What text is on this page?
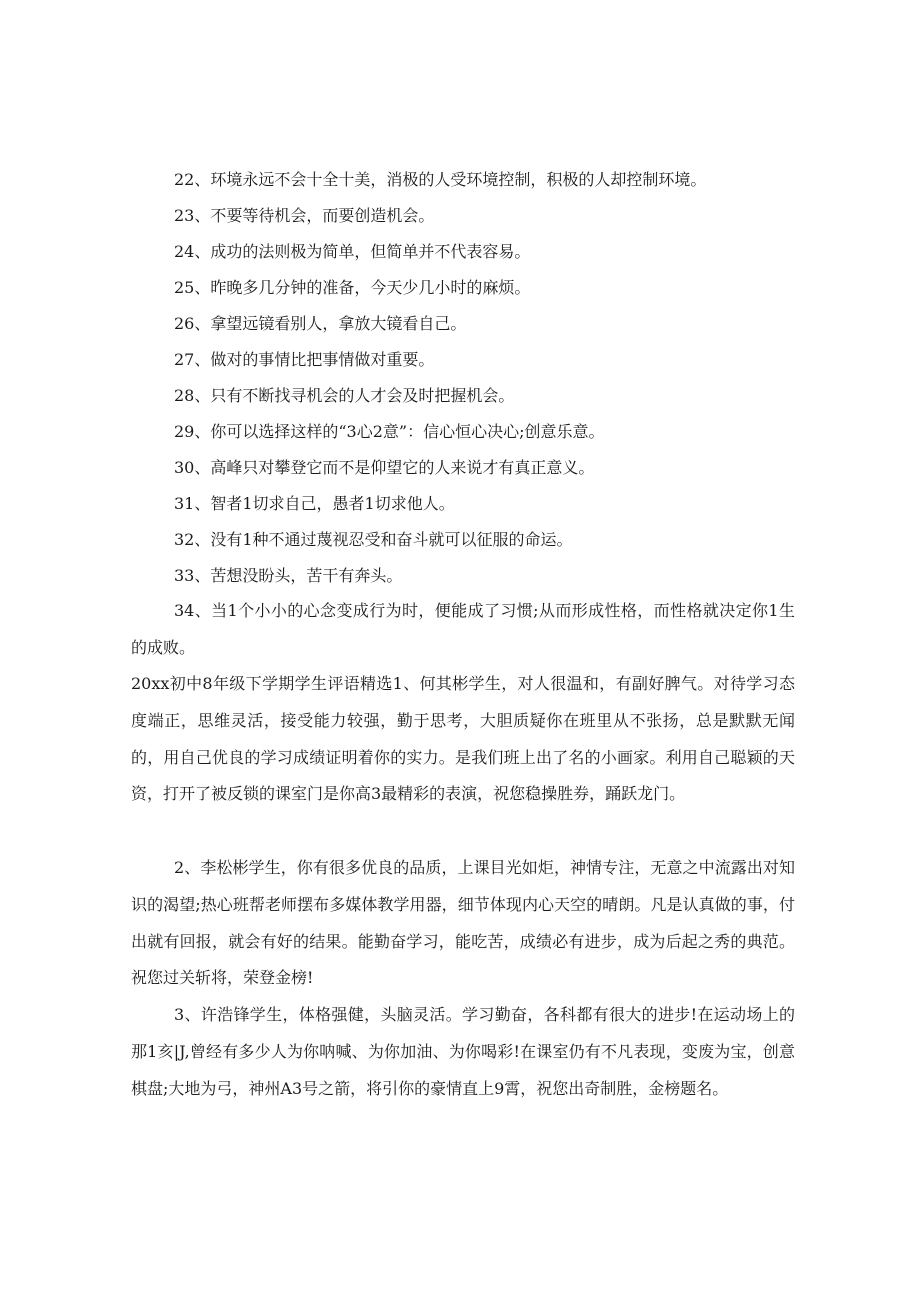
22、环境永远不会十全十美，消极的人受环境控制，积极的人却控制环境。
23、不要等待机会，而要创造机会。
24、成功的法则极为简单，但简单并不代表容易。
25、昨晚多几分钟的准备，今天少几小时的麻烦。
26、拿望远镜看别人，拿放大镜看自己。
27、做对的事情比把事情做对重要。
28、只有不断找寻机会的人才会及时把握机会。
29、你可以选择这样的“3心2意”：信心恒心决心;创意乐意。
30、高峰只对攀登它而不是仰望它的人来说才有真正意义。
31、智者1切求自己，愚者1切求他人。
32、没有1种不通过蔑视忍受和奋斗就可以征服的命运。
33、苦想没盼头，苦干有奔头。

34、当1个小小的心念变成行为时，便能成了习惯;从而形成性格，而性格就决定你1生的成败。

20xx初中8年级下学期学生评语精选1、何其彬学生，对人很温和，有副好脾气。对待学习态度端正，思维灵活，接受能力较强，勤于思考，大胆质疑你在班里从不张扬，总是默默无闻的，用自己优良的学习成绩证明着你的实力。是我们班上出了名的小画家。利用自己聪颖的天资，打开了被反锁的课室门是你高3最精彩的表演，祝您稳操胜券，踊跃龙门。

2、李松彬学生，你有很多优良的品质，上课目光如炬，神情专注，无意之中流露出对知识的渴望;热心班帮老师摆布多媒体教学用器，细节体现内心天空的晴朗。凡是认真做的事，付出就有回报，就会有好的结果。能勤奋学习，能吃苦，成绩必有进步，成为后起之秀的典范。祝您过关斩将，荣登金榜!

3、许浩锋学生，体格强健，头脑灵活。学习勤奋，各科都有很大的进步!在运动场上的那1亥|J,曾经有多少人为你呐喊、为你加油、为你喝彩!在课室仍有不凡表现，变废为宝，创意棋盘;大地为弓，神州A3号之箭，将引你的豪情直上9霄，祝您出奇制胜，金榜题名。
